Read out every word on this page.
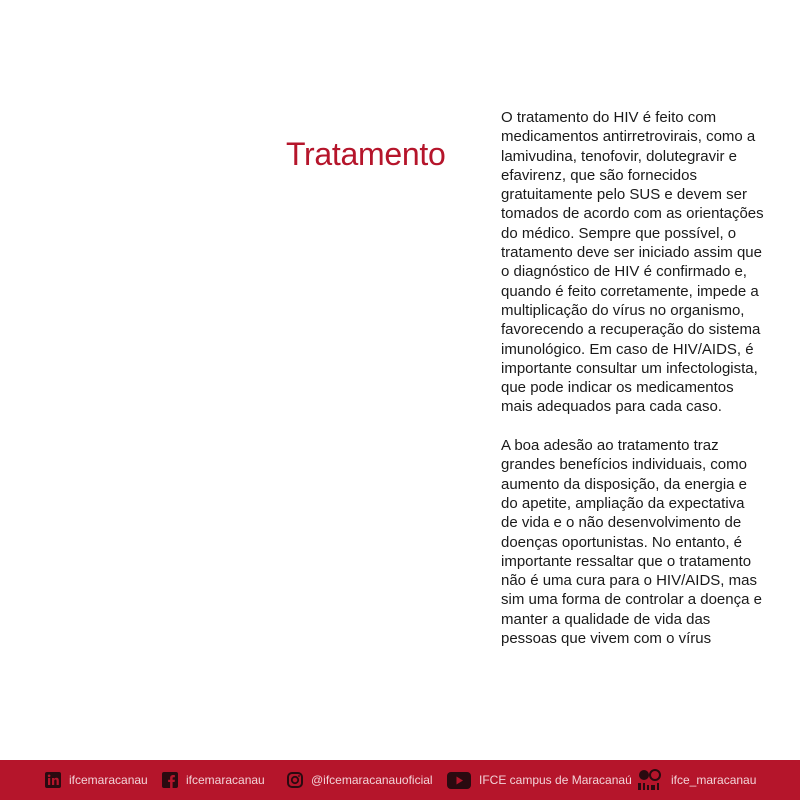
Tratamento

O tratamento do HIV é feito com
medicamentos antirretrovirais, como a
lamivudina, tenofovir, dolutegravir e
efavirenz, que são fornecidos
gratuitamente pelo SUS e devem ser
tomados de acordo com as orientações
do médico. Sempre que possível, o
tratamento deve ser iniciado assim que
o diagnóstico de HIV é confirmado e,
quando é feito corretamente, impede a
multiplicação do vírus no organismo,
favorecendo a recuperação do sistema
imunológico. Em caso de HIV/AIDS, é
importante consultar um infectologista,
que pode indicar os medicamentos
mais adequados para cada caso.

A boa adesão ao tratamento traz
grandes benefícios individuais, como
aumento da disposição, da energia e
do apetite, ampliação da expectativa
de vida e o não desenvolvimento de
doenças oportunistas. No entanto, é
importante ressaltar que o tratamento
não é uma cura para o HIV/AIDS, mas
sim uma forma de controlar a doença e
manter a qualidade de vida das
pessoas que vivem com o vírus

ifcemaracanau	ifcemaracanau	@ifcemaracanauoficial	IFCE campus de Maracanaú	ifce_maracanau
